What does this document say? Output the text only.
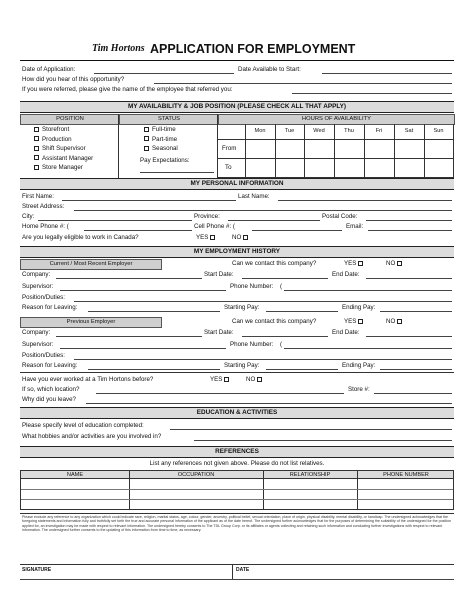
Tim Hortons APPLICATION FOR EMPLOYMENT
Date of Application:	Date Available to Start:
How did you hear of this opportunity?
If you were referred, please give the name of the employee that referred you:
MY AVAILABILITY & JOB POSITION (PLEASE CHECK ALL THAT APPLY)
POSITION	STATUS	HOURS OF AVAILABILITY
Storefront
Production
Shift Supervisor
Assistant Manager
Store Manager
Full-time
Part-time
Seasonal
Pay Expectations:
Mon	Tue	Wed	Thu	Fri	Sat	Sun
From
To
MY PERSONAL INFORMATION
First Name:	Last Name:
Street Address:
City:	Province:	Postal Code:
Home Phone #: (	Cell Phone #: (	Email:
Are you legally eligible to work in Canada?	YES	NO
MY EMPLOYMENT HISTORY
Current / Most Recent Employer	Can we contact this company?	YES	NO
Company:	Start Date:	End Date:
Supervisor:	Phone Number: (
Position/Duties:
Reason for Leaving:	Starting Pay:	Ending Pay:
Previous Employer	Can we contact this company?	YES	NO
Company:	Start Date:	End Date:
Supervisor:	Phone Number: (
Position/Duties:
Reason for Leaving:	Starting Pay:	Ending Pay:
Have you ever worked at a Tim Hortons before?	YES	NO
If so, which location?	Store #:
Why did you leave?
EDUCATION & ACTIVITIES
Please specify level of education completed:
What hobbies and/or activities are you involved in?
REFERENCES
List any references not given above. Please do not list relatives.
NAME	OCCUPATION	RELATIONSHIP	PHONE NUMBER
Please exclude any reference to any organization which could indicate race, religion, marital status, age, colour, gender, ancestry, political belief, sexual orientation, place of origin, physical disability, mental disability, or handicap. The undersigned acknowledges that the foregoing statements and information fully and truthfully set forth the true and accurate personal information of the applicant as of the date hereof. The undersigned further acknowledges that for the purposes of determining the suitability of the undersigned for the position applied for, an investigation may be made with respect to relevant information. The undersigned hereby consents to The TDL Group Corp. or its affiliates or agents collecting and retaining such information and conducting further investigations with respect to relevant information. The undersigned further consents to the updating of this information from time to time, as necessary.
SIGNATURE	DATE
